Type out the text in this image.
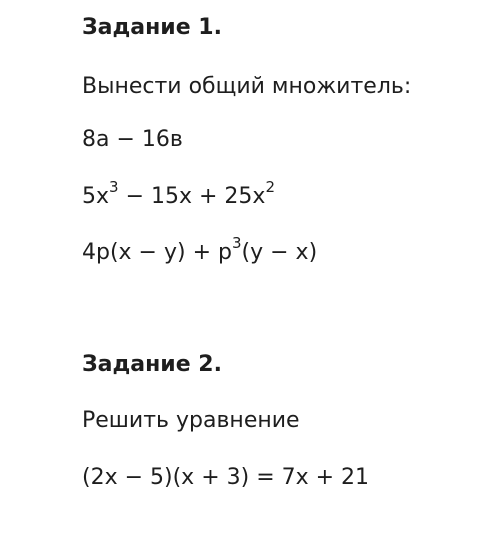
Задание 1.

Вынести общий множитель:

8а − 16в

$5x^3 - 15x + 25x^2$

$4p(x - y) + p^3(y - x)$

Задание 2.

Решить уравнение

(2x − 5)(x + 3) = 7x + 21
